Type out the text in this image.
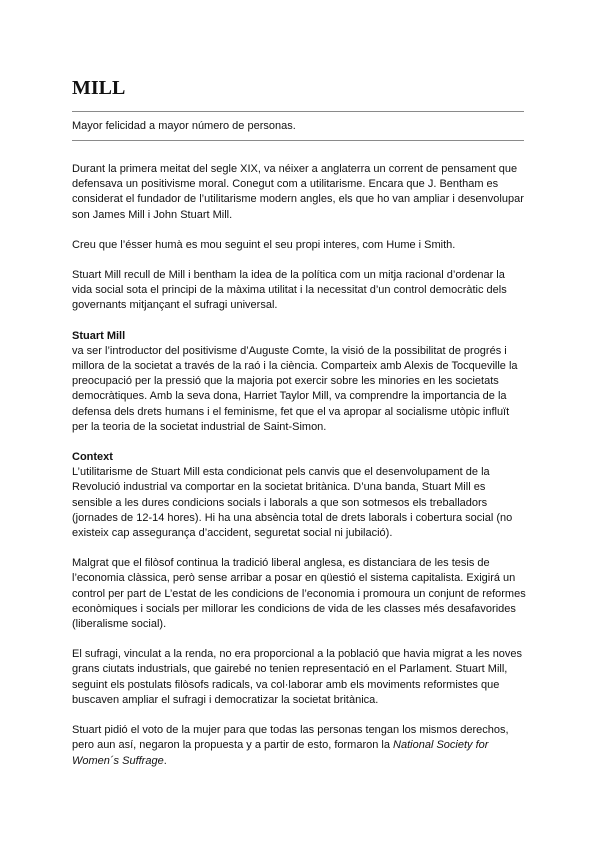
MILL
Mayor felicidad a mayor número de personas.

Durant la primera meitat del segle XIX, va néixer a anglaterra un corrent de pensament que defensava un positivisme moral. Conegut com a utilitarisme. Encara que J. Bentham es considerat el fundador de l’utilitarisme modern angles, els que ho van ampliar i desenvolupar son James Mill i John Stuart Mill.

Creu que l’ésser humà es mou seguint el seu propi interes, com Hume i Smith.

Stuart Mill recull de Mill i bentham la idea de la política com un mitja racional d’ordenar la vida social sota el principi de la màxima utilitat i la necessitat d’un control democràtic dels governants mitjançant el sufragi universal.

Stuart Mill

va ser l’introductor del positivisme d’Auguste Comte, la visió de la possibilitat de progrés i millora de la societat a través de la raó i la ciència. Comparteix amb Alexis de Tocqueville la preocupació per la pressió que la majoria pot exercir sobre les minories en les societats democràtiques. Amb la seva dona, Harriet Taylor Mill, va comprendre la importancia de la defensa dels drets humans i el feminisme, fet que el va apropar al socialisme utòpic influït per la teoria de la societat industrial de Saint-Simon.

Context

L’utilitarisme de Stuart Mill esta condicionat pels canvis que el desenvolupament de la Revolució industrial va comportar en la societat britànica. D’una banda, Stuart Mill es sensible a les dures condicions socials i laborals a que son sotmesos els treballadors (jornades de 12-14 hores). Hi ha una absència total de drets laborals i cobertura social (no existeix cap assegurança d’accident, seguretat social ni jubilació).

Malgrat que el filòsof continua la tradició liberal anglesa, es distanciara de les tesis de l’economia clàssica, però sense arribar a posar en qüestió el sistema capitalista. Exigirá un control per part de L’estat de les condicions de l’economia i promoura un conjunt de reformes econòmiques i socials per millorar les condicions de vida de les classes més desafavorides (liberalisme social).

El sufragi, vinculat a la renda, no era proporcional a la població que havia migrat a les noves grans ciutats industrials, que gairebé no tenien representació en el Parlament. Stuart Mill, seguint els postulats filòsofs radicals, va col·laborar amb els moviments reformistes que buscaven ampliar el sufragi i democratizar la societat britànica.

Stuart pidió el voto de la mujer para que todas las personas tengan los mismos derechos, pero aun así, negaron la propuesta y a partir de esto, formaron la National Society for Women´s Suffrage.
